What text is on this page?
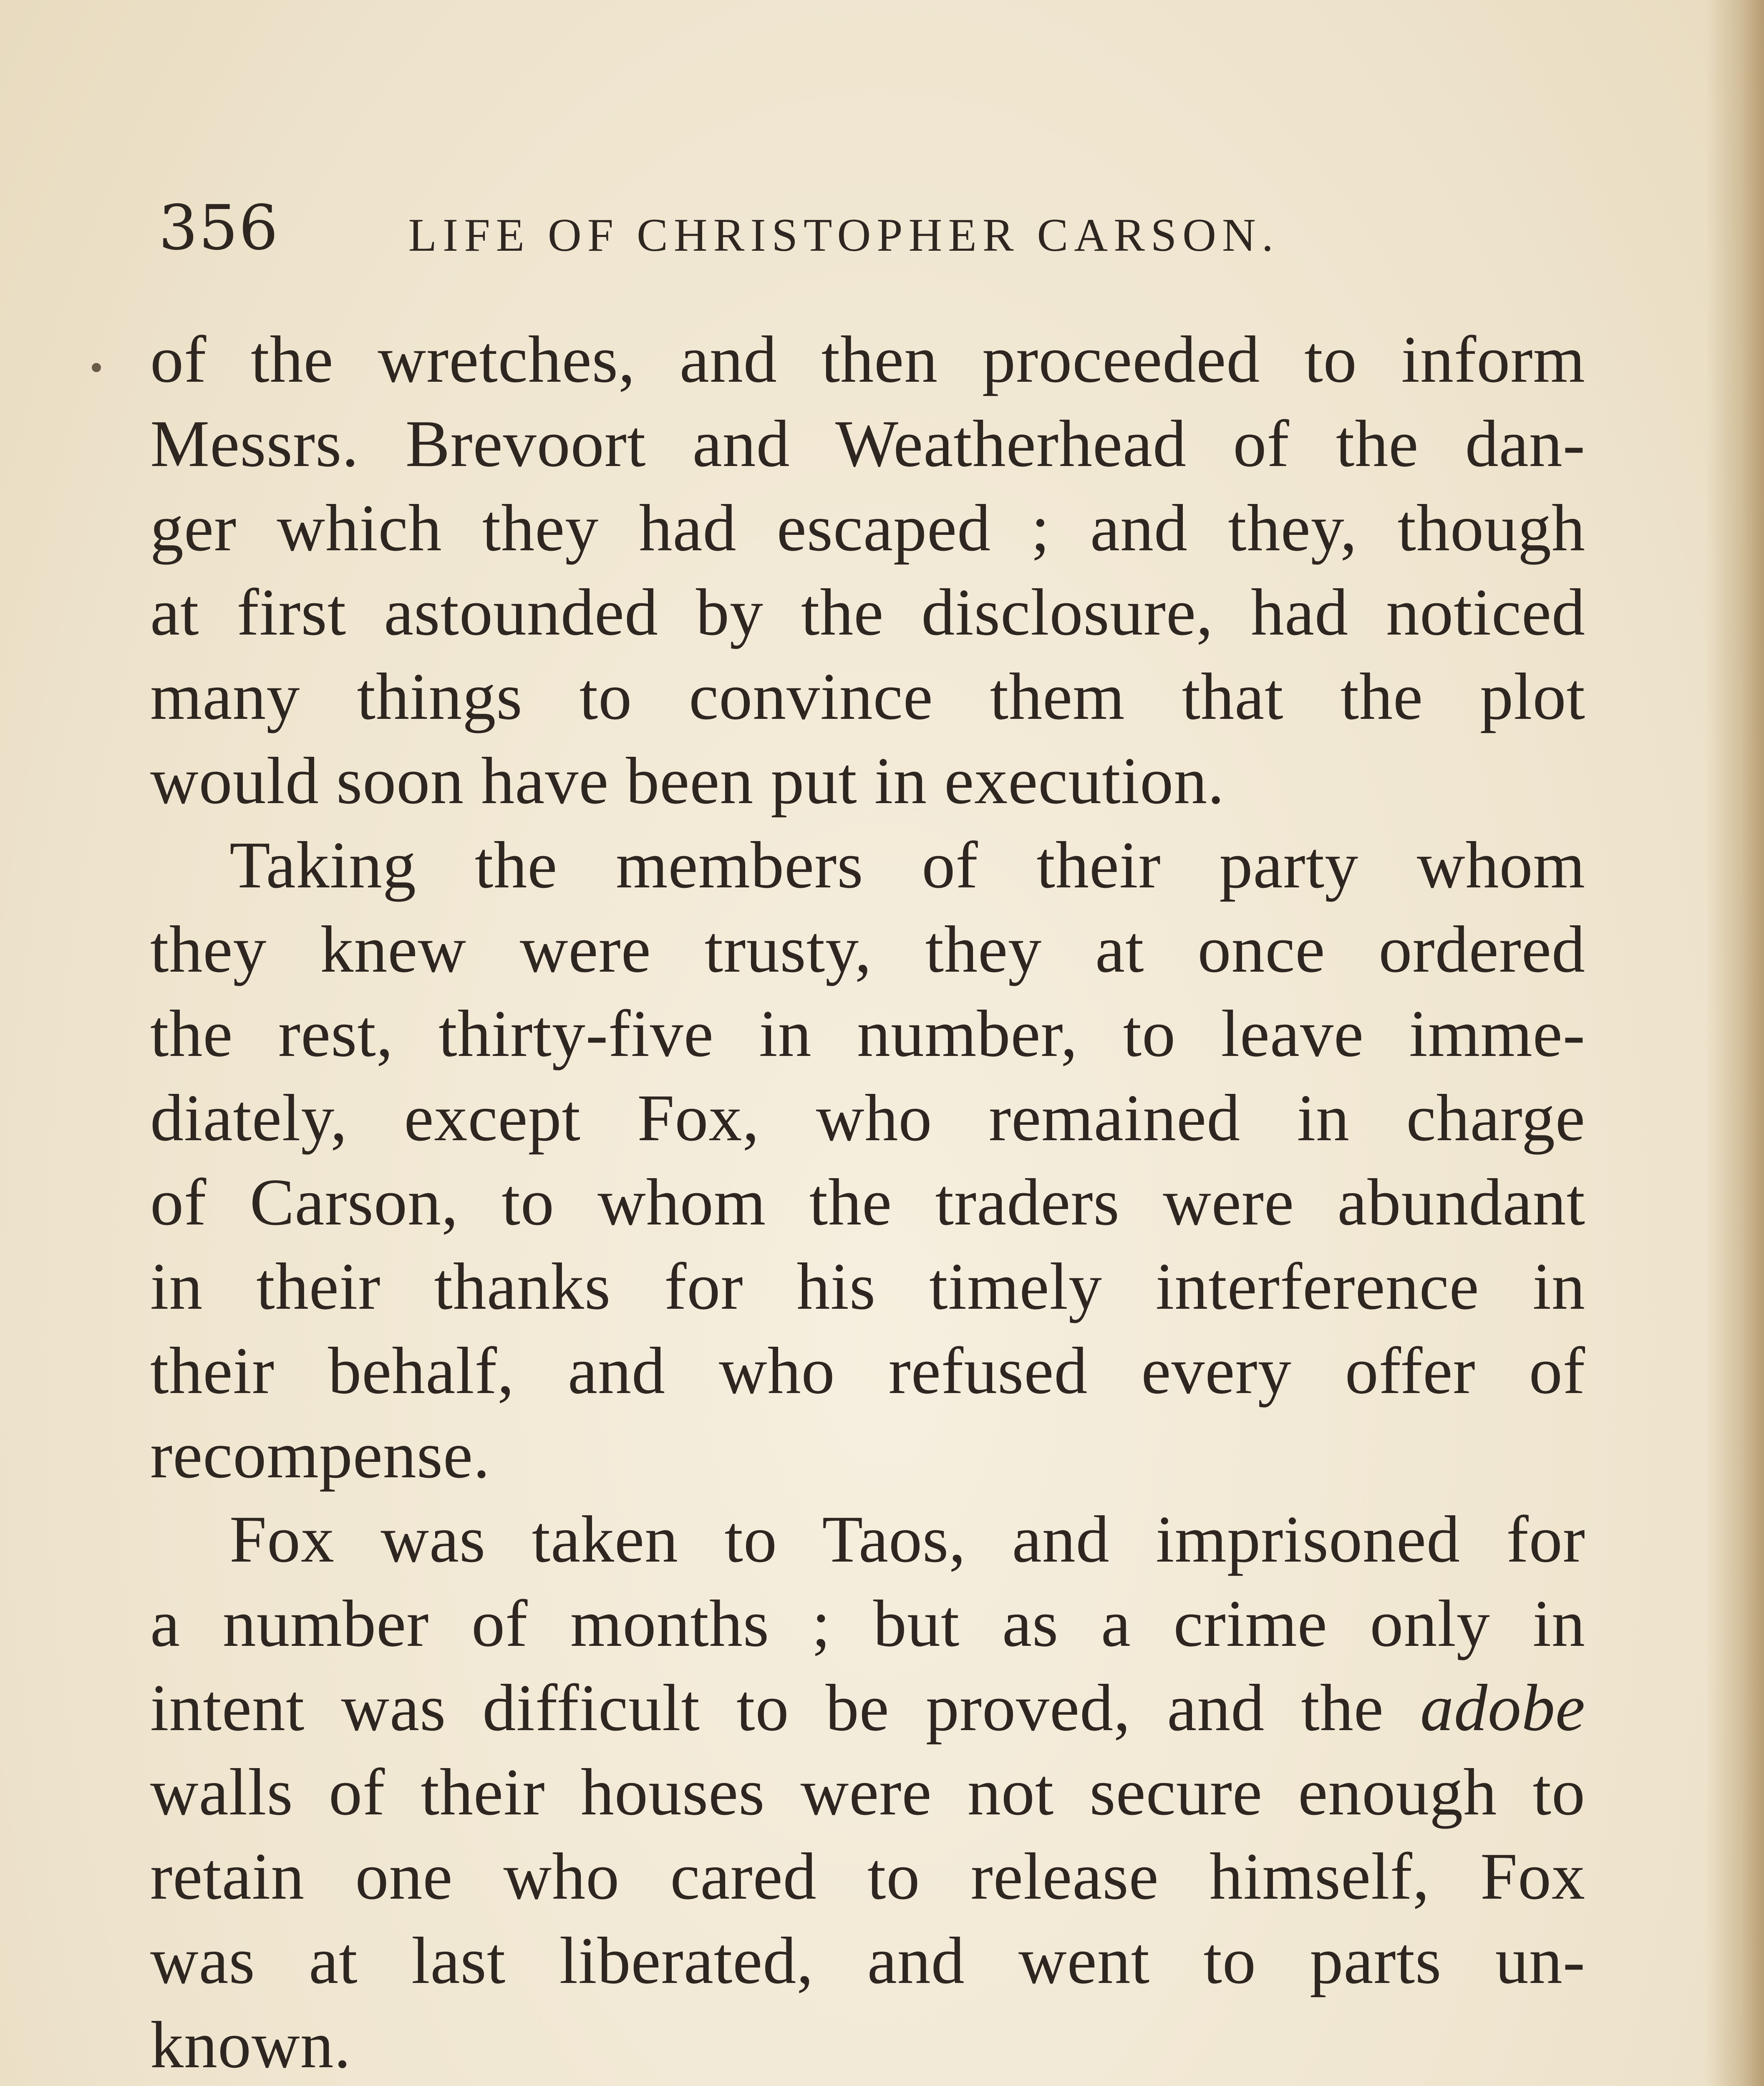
356	LIFE OF CHRISTOPHER CARSON.
of the wretches, and then proceeded to inform
Messrs. Brevoort and Weatherhead of the dan-
ger which they had escaped ; and they, though
at first astounded by the disclosure, had noticed
many things to convince them that the plot
would soon have been put in execution.
Taking the members of their party whom
they knew were trusty, they at once ordered
the rest, thirty-five in number, to leave imme-
diately, except Fox, who remained in charge
of Carson, to whom the traders were abundant
in their thanks for his timely interference in
their behalf, and who refused every offer of
recompense.
Fox was taken to Taos, and imprisoned for
a number of months ; but as a crime only in
intent was difficult to be proved, and the adobe
walls of their houses were not secure enough to
retain one who cared to release himself, Fox
was at last liberated, and went to parts un-
known.
